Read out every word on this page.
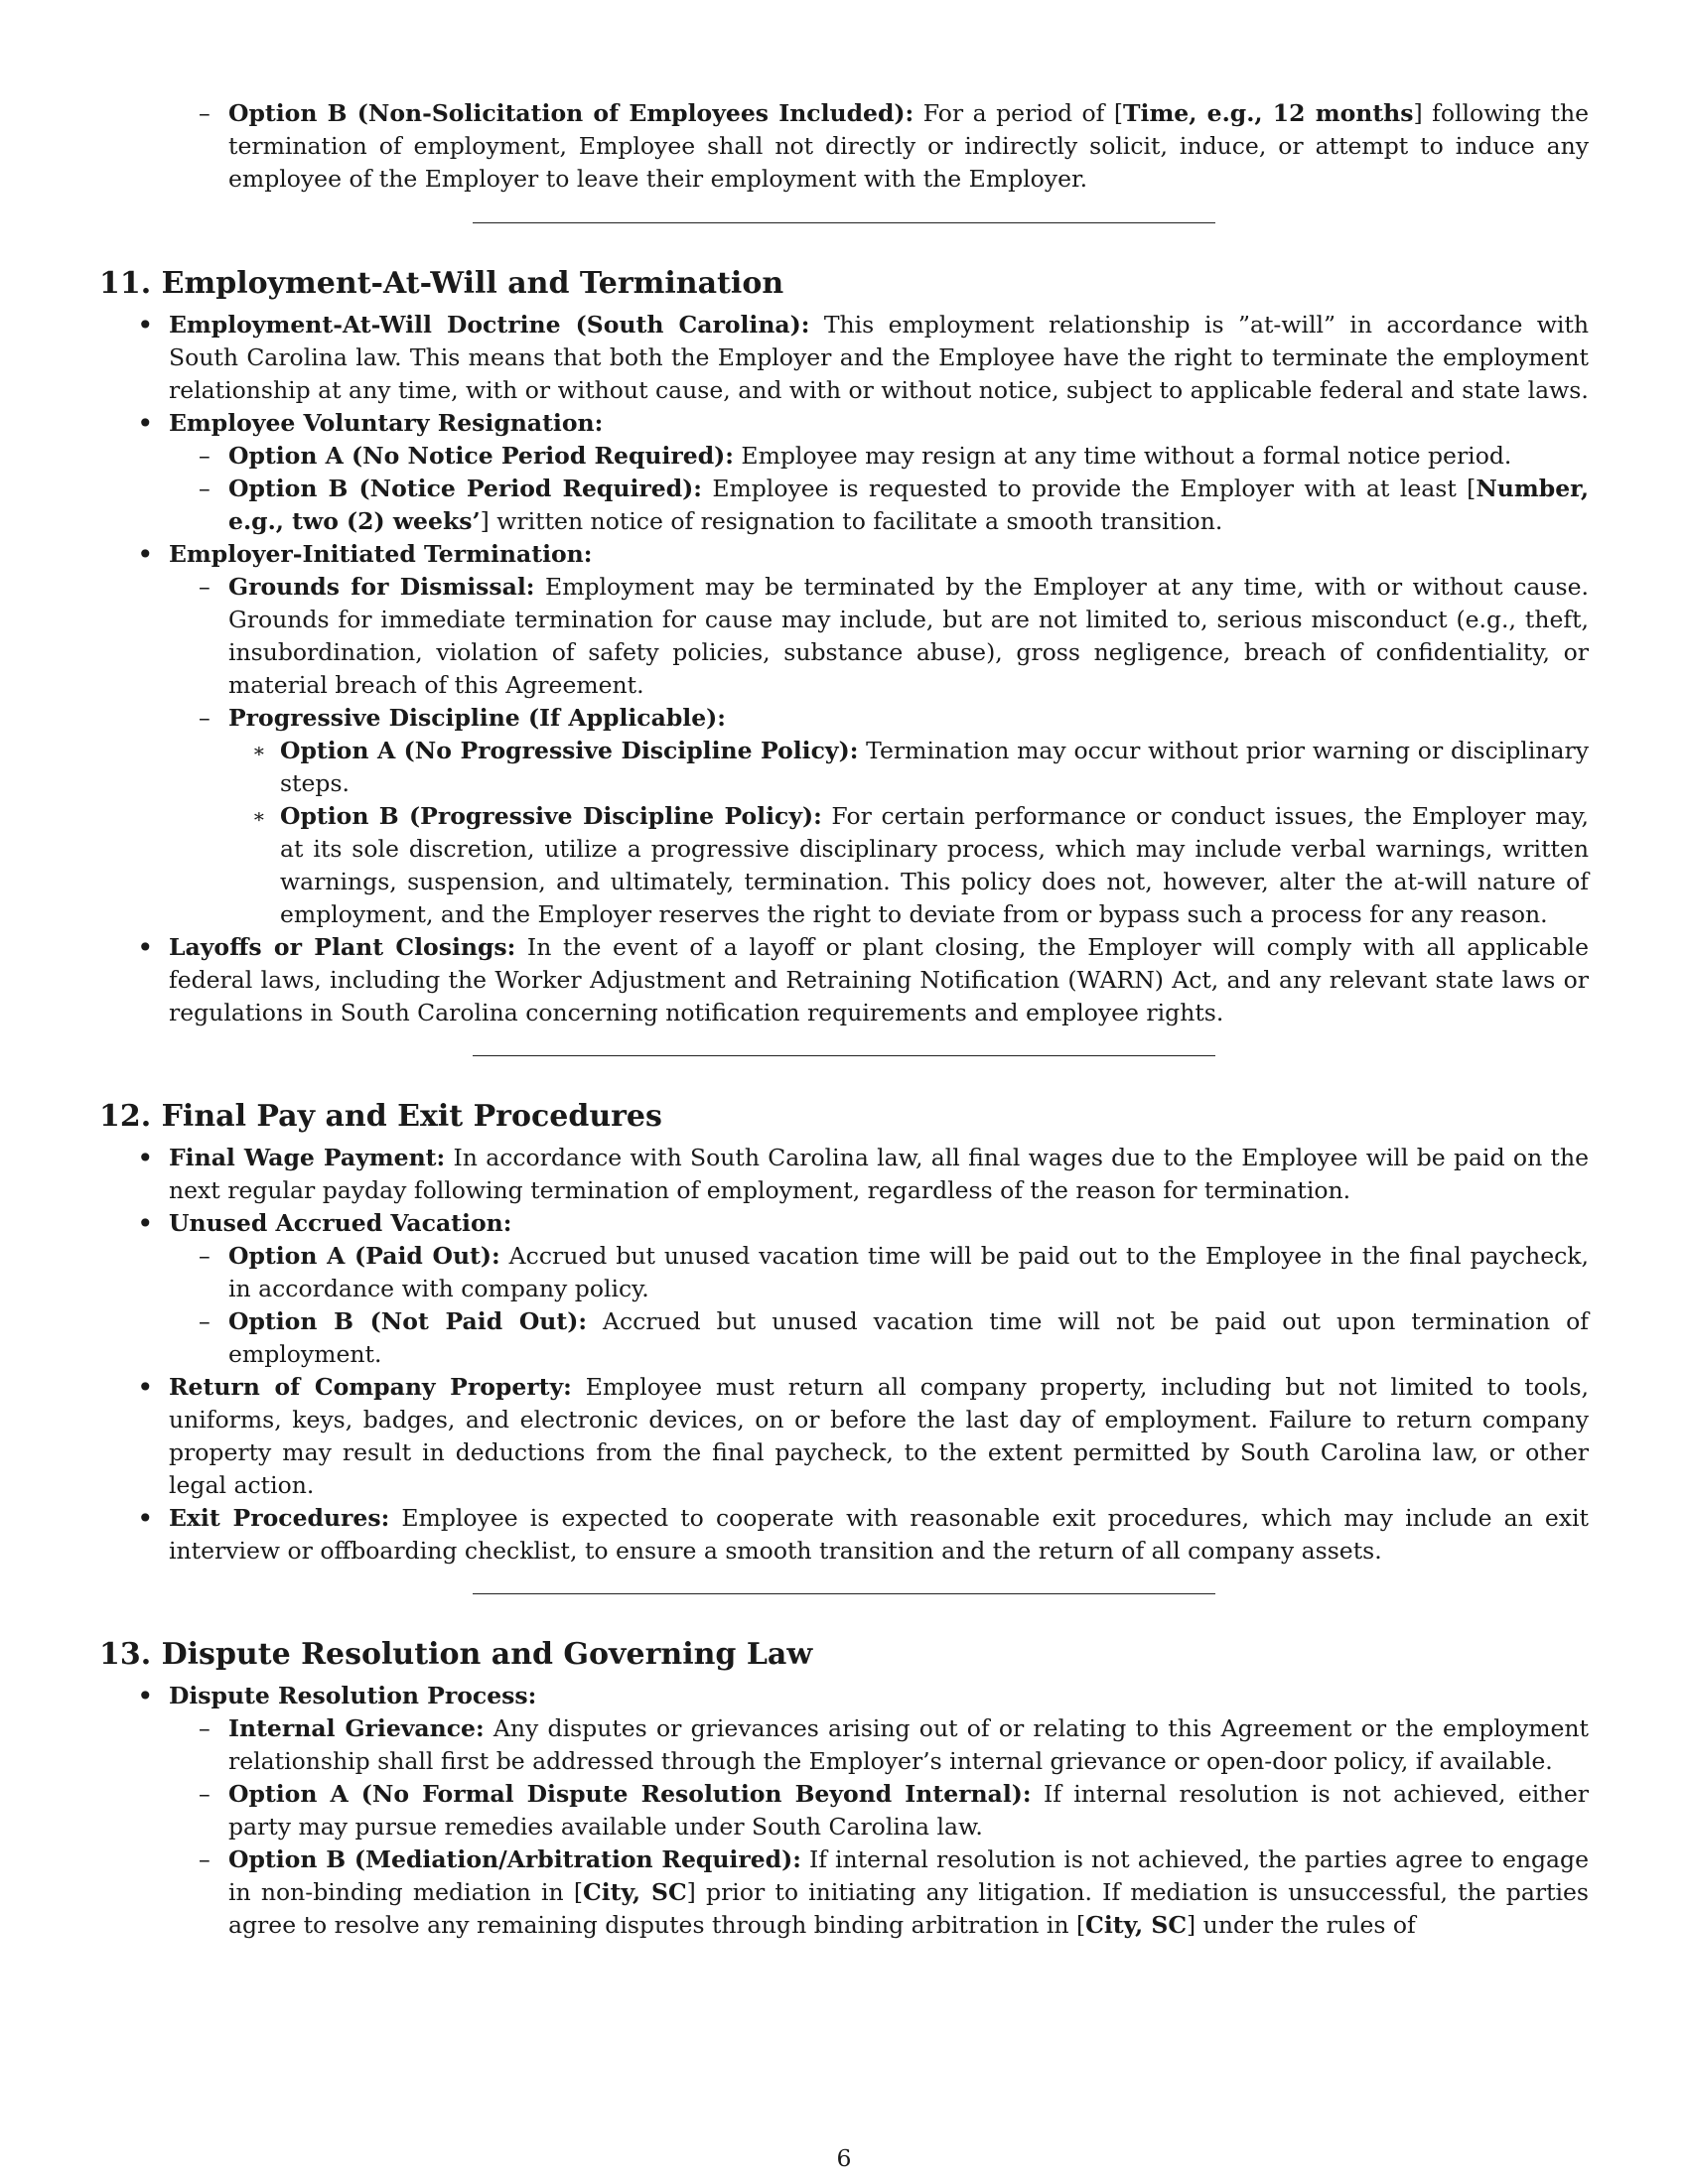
– Option B (Non-Solicitation of Employees Included): For a period of [Time, e.g., 12 months] following the termination of employment, Employee shall not directly or indirectly solicit, induce, or attempt to induce any employee of the Employer to leave their employment with the Employer.
11. Employment-At-Will and Termination
• Employment-At-Will Doctrine (South Carolina): This employment relationship is ”at-will” in accordance with South Carolina law. This means that both the Employer and the Employee have the right to terminate the employment relationship at any time, with or without cause, and with or without notice, subject to applicable federal and state laws.
• Employee Voluntary Resignation:
– Option A (No Notice Period Required): Employee may resign at any time without a formal notice period.
– Option B (Notice Period Required): Employee is requested to provide the Employer with at least [Number, e.g., two (2) weeks’] written notice of resignation to facilitate a smooth transition.
• Employer-Initiated Termination:
– Grounds for Dismissal: Employment may be terminated by the Employer at any time, with or without cause. Grounds for immediate termination for cause may include, but are not limited to, serious misconduct (e.g., theft, insubordination, violation of safety policies, substance abuse), gross negligence, breach of confidentiality, or material breach of this Agreement.
– Progressive Discipline (If Applicable):
∗ Option A (No Progressive Discipline Policy): Termination may occur without prior warning or disciplinary steps.
∗ Option B (Progressive Discipline Policy): For certain performance or conduct issues, the Employer may, at its sole discretion, utilize a progressive disciplinary process, which may include verbal warnings, written warnings, suspension, and ultimately, termination. This policy does not, however, alter the at-will nature of employment, and the Employer reserves the right to deviate from or bypass such a process for any reason.
• Layoffs or Plant Closings: In the event of a layoff or plant closing, the Employer will comply with all applicable federal laws, including the Worker Adjustment and Retraining Notification (WARN) Act, and any relevant state laws or regulations in South Carolina concerning notification requirements and employee rights.
12. Final Pay and Exit Procedures
• Final Wage Payment: In accordance with South Carolina law, all final wages due to the Employee will be paid on the next regular payday following termination of employment, regardless of the reason for termination.
• Unused Accrued Vacation:
– Option A (Paid Out): Accrued but unused vacation time will be paid out to the Employee in the final paycheck, in accordance with company policy.
– Option B (Not Paid Out): Accrued but unused vacation time will not be paid out upon termination of employment.
• Return of Company Property: Employee must return all company property, including but not limited to tools, uniforms, keys, badges, and electronic devices, on or before the last day of employment. Failure to return company property may result in deductions from the final paycheck, to the extent permitted by South Carolina law, or other legal action.
• Exit Procedures: Employee is expected to cooperate with reasonable exit procedures, which may include an exit interview or offboarding checklist, to ensure a smooth transition and the return of all company assets.
13. Dispute Resolution and Governing Law
• Dispute Resolution Process:
– Internal Grievance: Any disputes or grievances arising out of or relating to this Agreement or the employment relationship shall first be addressed through the Employer’s internal grievance or open-door policy, if available.
– Option A (No Formal Dispute Resolution Beyond Internal): If internal resolution is not achieved, either party may pursue remedies available under South Carolina law.
– Option B (Mediation/Arbitration Required): If internal resolution is not achieved, the parties agree to engage in non-binding mediation in [City, SC] prior to initiating any litigation. If mediation is unsuccessful, the parties agree to resolve any remaining disputes through binding arbitration in [City, SC] under the rules of
6
